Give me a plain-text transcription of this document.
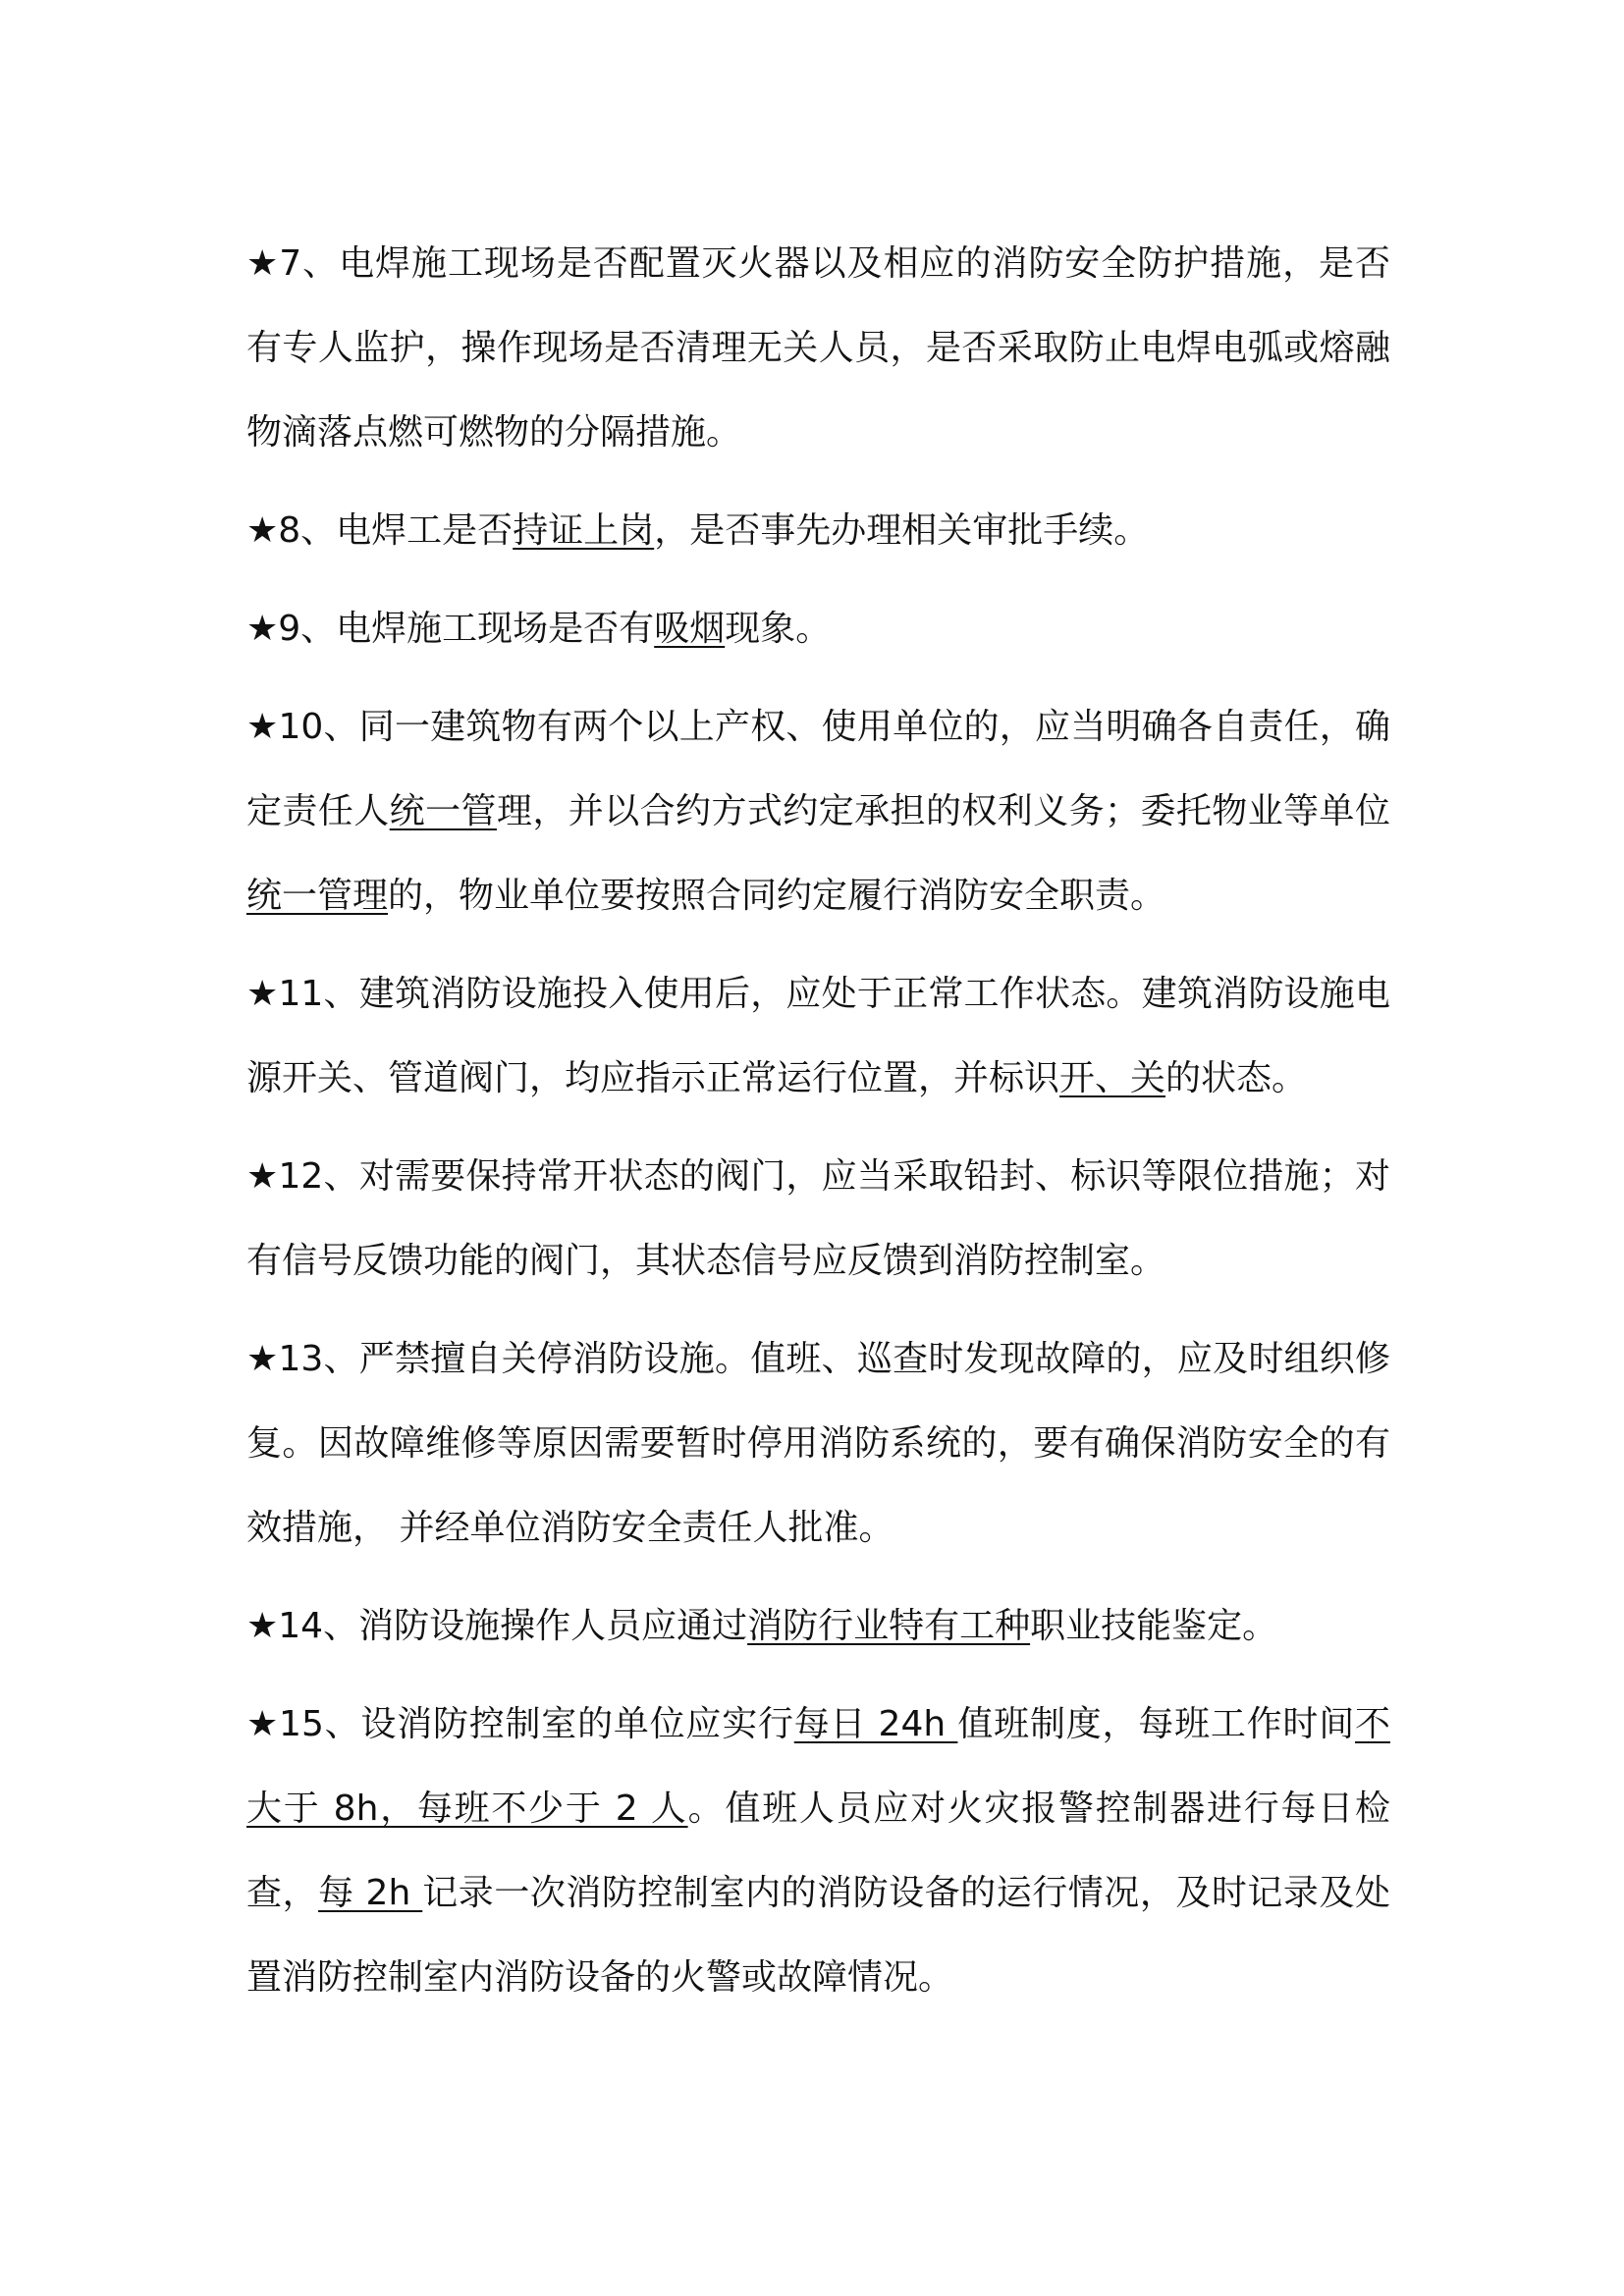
★7、电焊施工现场是否配置灭火器以及相应的消防安全防护措施，是否有专人监护，操作现场是否清理无关人员，是否采取防止电焊电弧或熔融物滴落点燃可燃物的分隔措施。

★8、电焊工是否持证上岗，是否事先办理相关审批手续。

★9、电焊施工现场是否有吸烟现象。

★10、同一建筑物有两个以上产权、使用单位的，应当明确各自责任，确定责任人统一管理，并以合约方式约定承担的权利义务；委托物业等单位统一管理的，物业单位要按照合同约定履行消防安全职责。

★11、建筑消防设施投入使用后，应处于正常工作状态。建筑消防设施电源开关、管道阀门，均应指示正常运行位置，并标识开、关的状态。

★12、对需要保持常开状态的阀门，应当采取铅封、标识等限位措施；对有信号反馈功能的阀门，其状态信号应反馈到消防控制室。

★13、严禁擅自关停消防设施。值班、巡查时发现故障的，应及时组织修复。因故障维修等原因需要暂时停用消防系统的，要有确保消防安全的有效措施， 并经单位消防安全责任人批准。

★14、消防设施操作人员应通过消防行业特有工种职业技能鉴定。

★15、设消防控制室的单位应实行每日 24h 值班制度，每班工作时间不大于 8h，每班不少于 2 人。值班人员应对火灾报警控制器进行每日检查，每 2h 记录一次消防控制室内的消防设备的运行情况，及时记录及处置消防控制室内消防设备的火警或故障情况。
